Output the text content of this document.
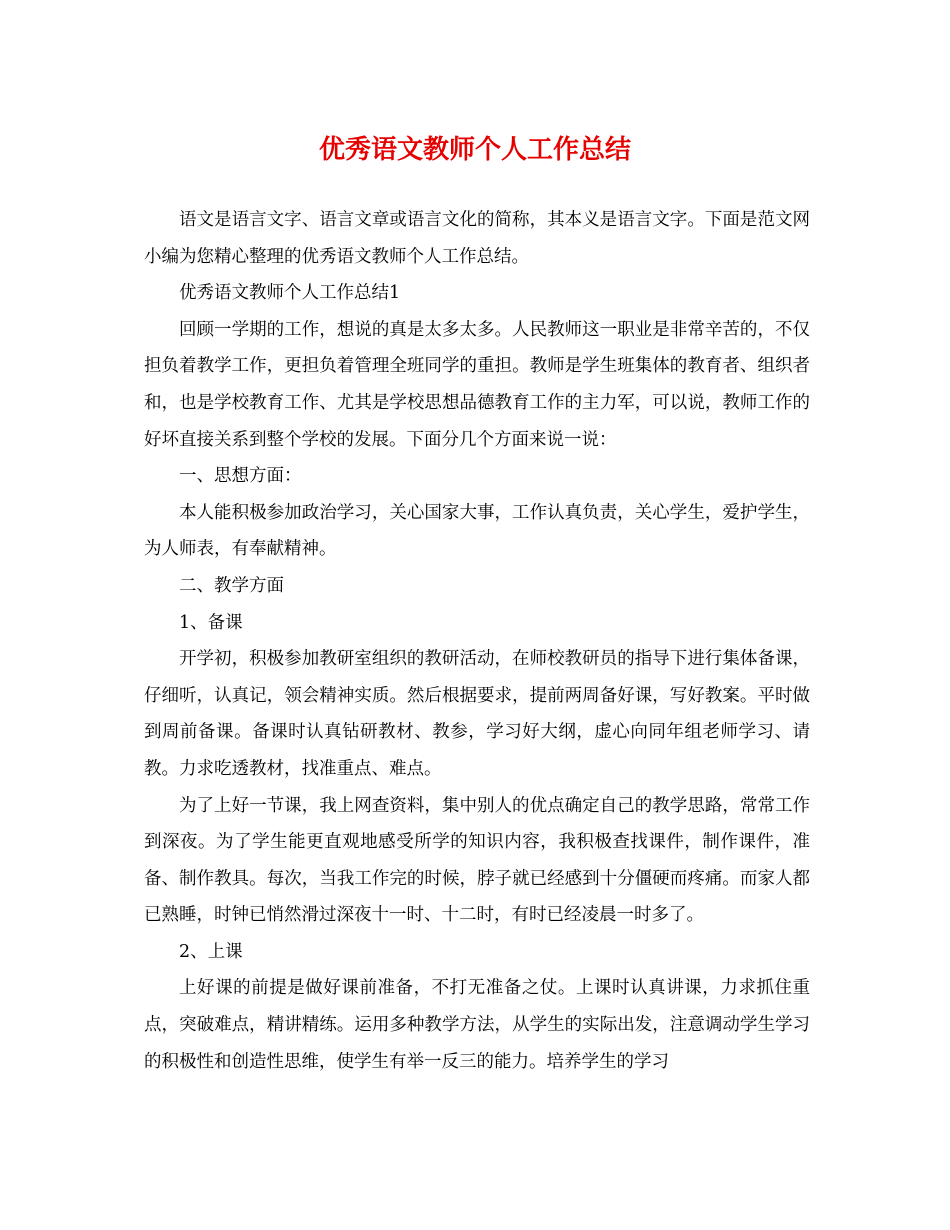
优秀语文教师个人工作总结

语文是语言文字、语言文章或语言文化的简称，其本义是语言文字。下面是范文网小编为您精心整理的优秀语文教师个人工作总结。

优秀语文教师个人工作总结1

回顾一学期的工作，想说的真是太多太多。人民教师这一职业是非常辛苦的，不仅担负着教学工作，更担负着管理全班同学的重担。教师是学生班集体的教育者、组织者和，也是学校教育工作、尤其是学校思想品德教育工作的主力军，可以说，教师工作的好坏直接关系到整个学校的发展。下面分几个方面来说一说：

一、思想方面：

本人能积极参加政治学习，关心国家大事，工作认真负责，关心学生，爱护学生，为人师表，有奉献精神。

二、教学方面

1、备课

开学初，积极参加教研室组织的教研活动，在师校教研员的指导下进行集体备课，仔细听，认真记，领会精神实质。然后根据要求，提前两周备好课，写好教案。平时做到周前备课。备课时认真钻研教材、教参，学习好大纲，虚心向同年组老师学习、请教。力求吃透教材，找准重点、难点。

为了上好一节课，我上网查资料，集中别人的优点确定自己的教学思路，常常工作到深夜。为了学生能更直观地感受所学的知识内容，我积极查找课件，制作课件，准备、制作教具。每次，当我工作完的时候，脖子就已经感到十分僵硬而疼痛。而家人都已熟睡，时钟已悄然滑过深夜十一时、十二时，有时已经凌晨一时多了。

2、上课

上好课的前提是做好课前准备，不打无准备之仗。上课时认真讲课，力求抓住重点，突破难点，精讲精练。运用多种教学方法，从学生的实际出发，注意调动学生学习的积极性和创造性思维，使学生有举一反三的能力。培养学生的学习
